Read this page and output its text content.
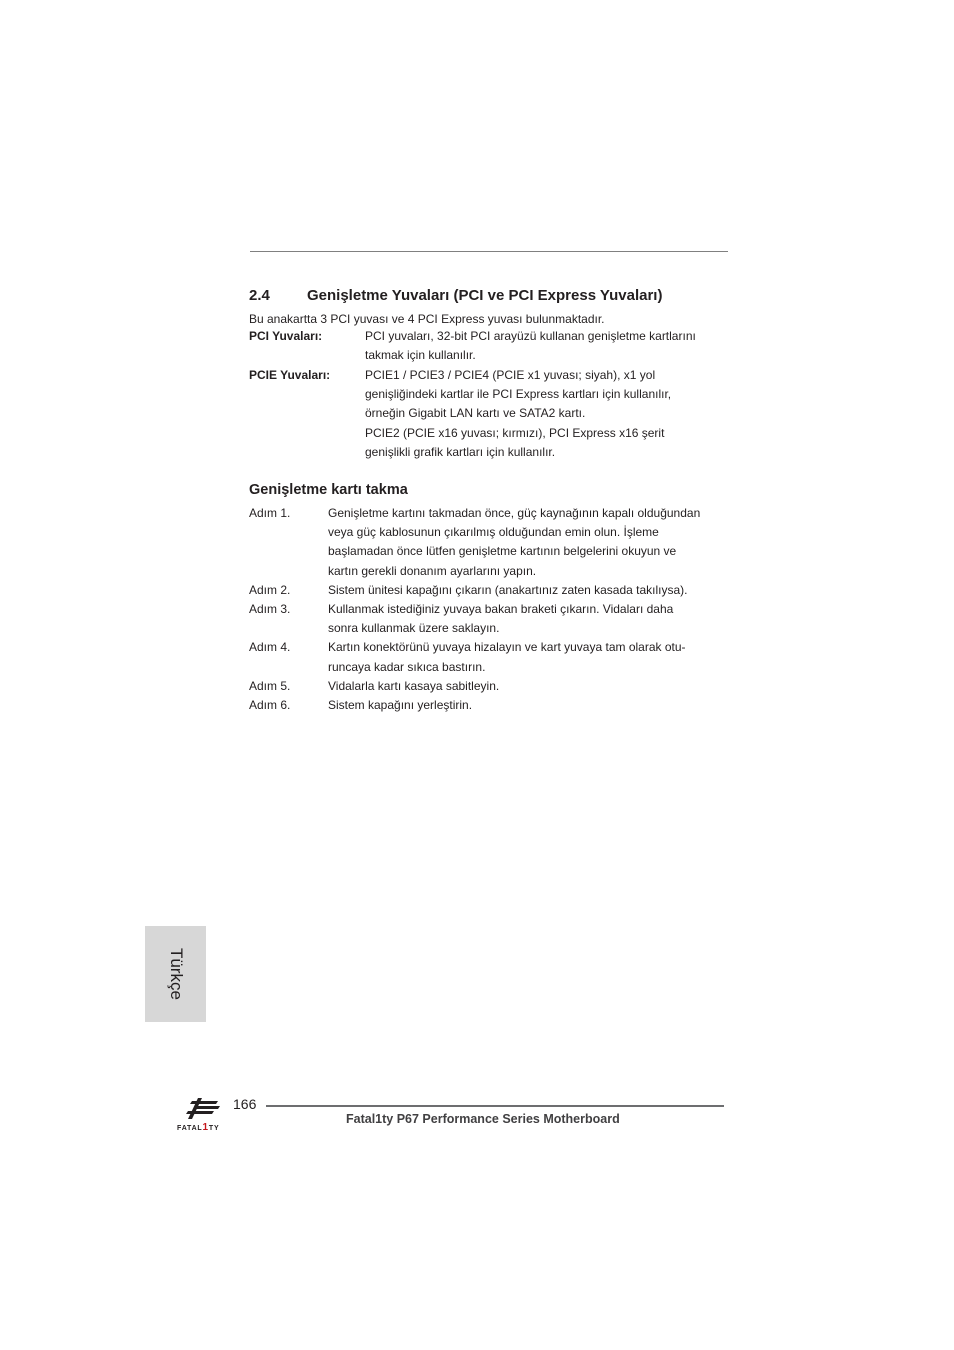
2.4 Genişletme Yuvaları (PCI ve PCI Express Yuvaları)
Bu anakartta 3 PCI yuvası ve 4 PCI Express yuvası bulunmaktadır.
PCI Yuvaları:	PCI yuvaları, 32-bit PCI arayüzü kullanan genişletme kartlarını
takmak için kullanılır.
PCIE Yuvaları:	PCIE1 / PCIE3 / PCIE4 (PCIE x1 yuvası; siyah), x1 yol
genişliğindeki kartlar ile PCI Express kartları için kullanılır,
örneğin Gigabit LAN kartı ve SATA2 kartı.
PCIE2 (PCIE x16 yuvası; kırmızı), PCI Express x16 şerit
genişlikli grafik kartları için kullanılır.
Genişletme kartı takma
Adım 1.	Genişletme kartını takmadan önce, güç kaynağının kapalı olduğundan
veya güç kablosunun çıkarılmış olduğundan emin olun. İşleme
başlamadan önce lütfen genişletme kartının belgelerini okuyun ve
kartın gerekli donanım ayarlarını yapın.
Adım 2.	Sistem ünitesi kapağını çıkarın (anakartınız zaten kasada takılıysa).
Adım 3.	Kullanmak istediğiniz yuvaya bakan braketi çıkarın. Vidaları daha
sonra kullanmak üzere saklayın.
Adım 4.	Kartın konektörünü yuvaya hizalayın ve kart yuvaya tam olarak otu-
runcaya kadar sıkıca bastırın.
Adım 5.	Vidalarla kartı kasaya sabitleyin.
Adım 6.	Sistem kapağını yerleştirin.
Türkçe
FATAL1TY
166
Fatal1ty P67 Performance Series Motherboard
